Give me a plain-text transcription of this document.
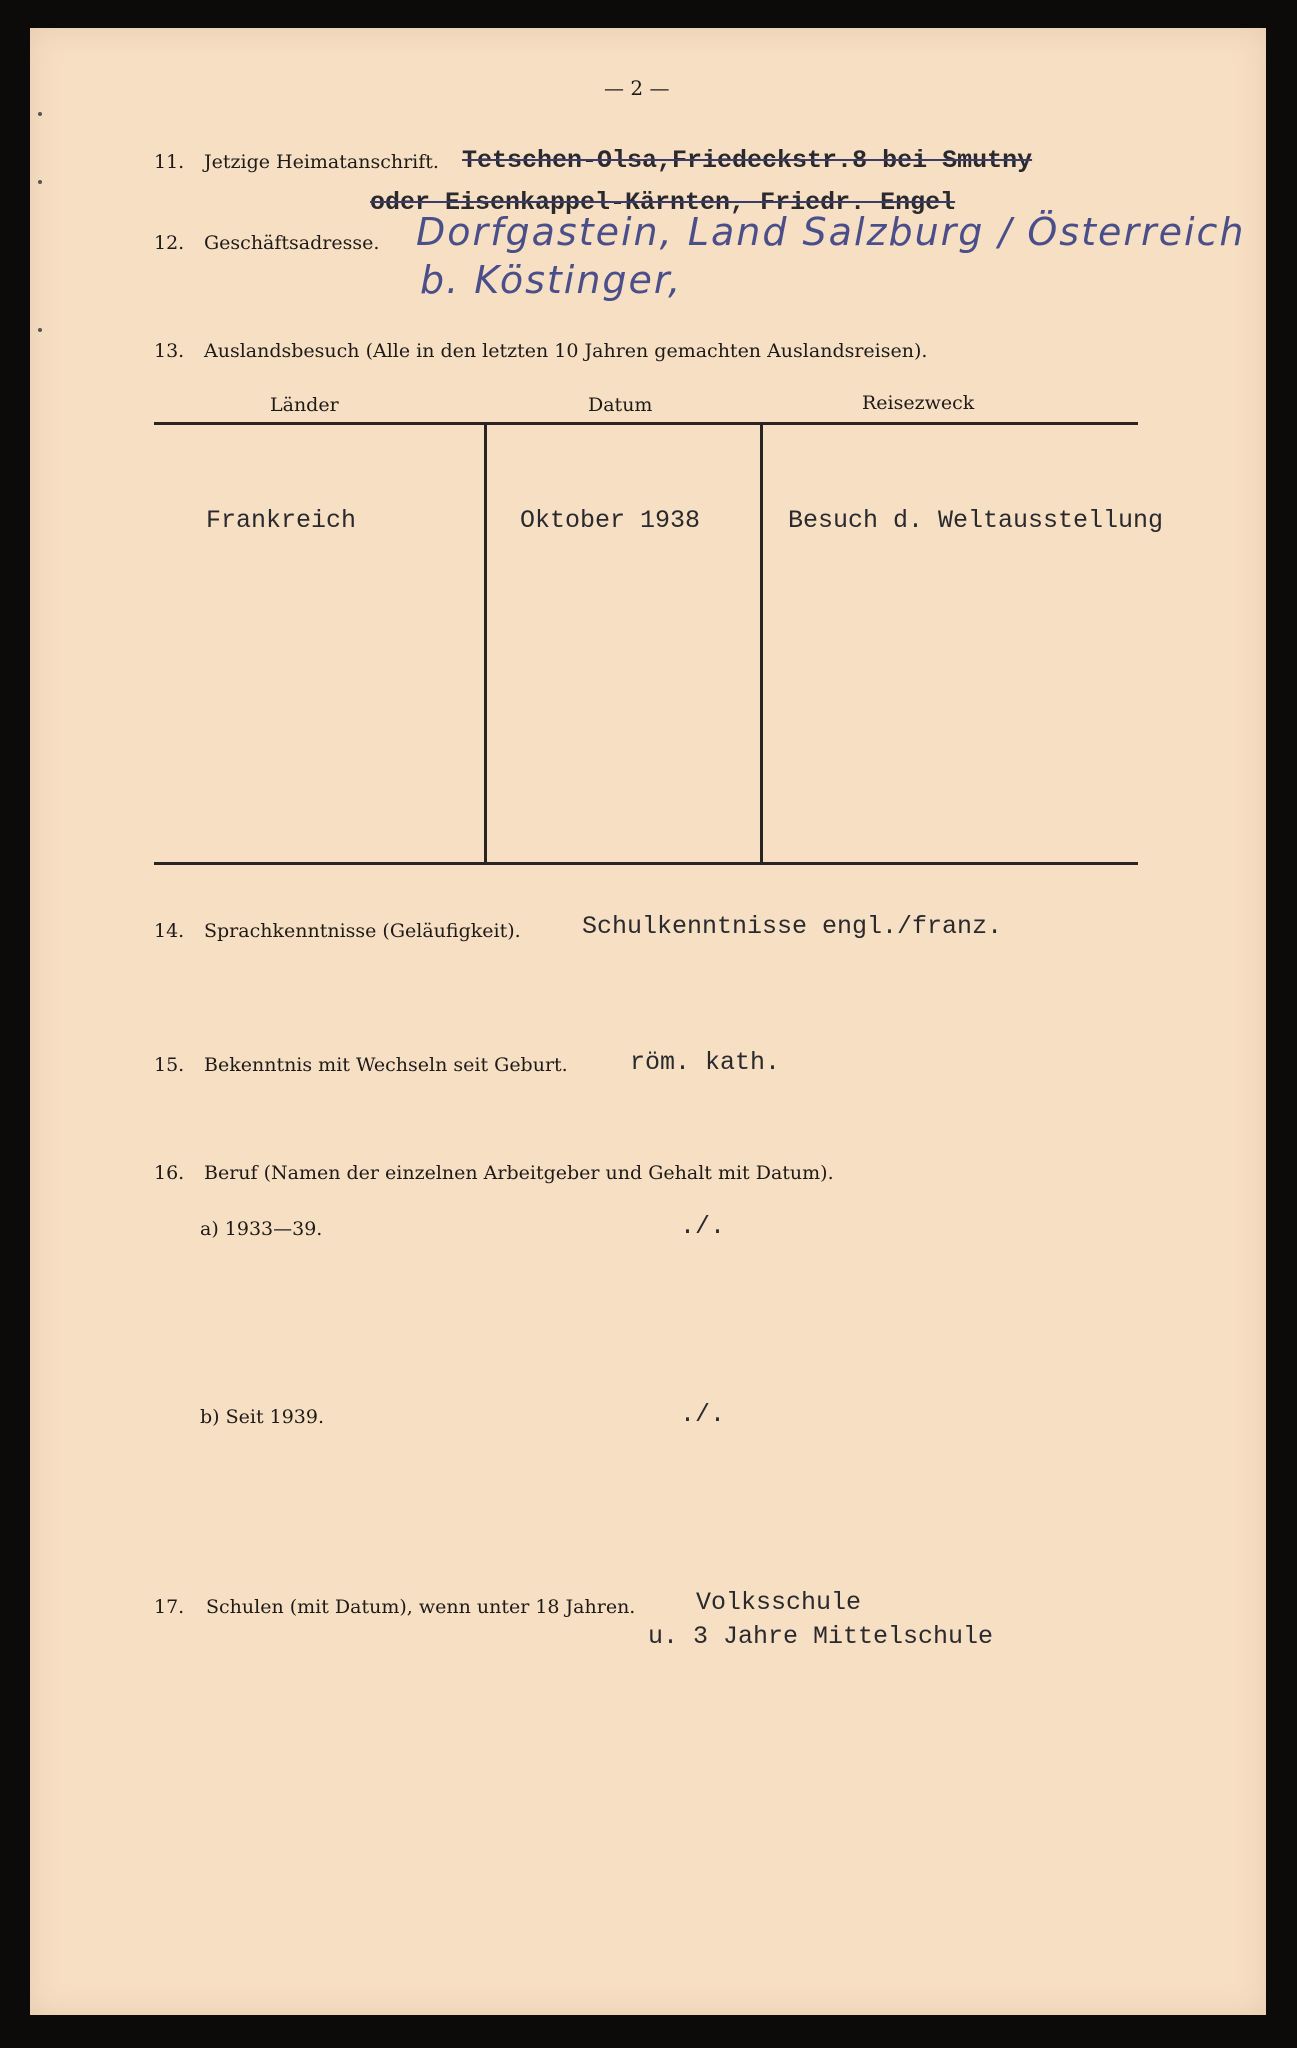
— 2 —
11. Jetzige Heimatanschrift. Tetschen-Olsa,Friedeckstr.8 bei Smutny
oder Eisenkappel-Kärnten, Friedr. Engel
12. Geschäftsadresse. Dorfgastein, Land Salzburg / Österreich
b. Köstinger,
13. Auslandsbesuch (Alle in den letzten 10 Jahren gemachten Auslandsreisen).
Länder	Datum	Reisezweck
Frankreich	Oktober 1938	Besuch d. Weltausstellung
14. Sprachkenntnisse (Geläufigkeit). Schulkenntnisse engl./franz.
15. Bekenntnis mit Wechseln seit Geburt. röm. kath.
16. Beruf (Namen der einzelnen Arbeitgeber und Gehalt mit Datum).
a) 1933—39.	./.
b) Seit 1939.	./.
17. Schulen (mit Datum), wenn unter 18 Jahren. Volksschule
u. 3 Jahre Mittelschule
